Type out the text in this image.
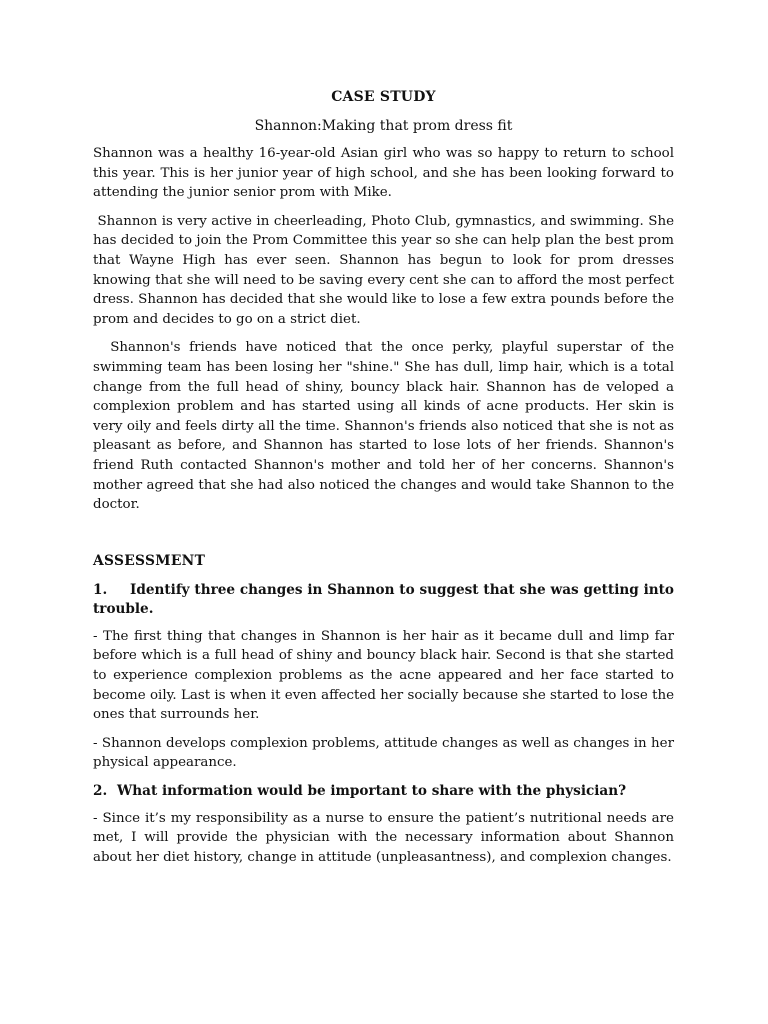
CASE STUDY
Shannon:Making that prom dress fit

Shannon was a healthy 16-year-old Asian girl who was so happy to return to school this year. This is her junior year of high school, and she has been looking forward to attending the junior senior prom with Mike.

Shannon is very active in cheerleading, Photo Club, gymnastics, and swimming. She has decided to join the Prom Committee this year so she can help plan the best prom that Wayne High has ever seen. Shannon has begun to look for prom dresses knowing that she will need to be saving every cent she can to afford the most perfect dress. Shannon has decided that she would like to lose a few extra pounds before the prom and decides to go on a strict diet.

Shannon's friends have noticed that the once perky, playful superstar of the swimming team has been losing her "shine." She has dull, limp hair, which is a total change from the full head of shiny, bouncy black hair. Shannon has de veloped a complexion problem and has started using all kinds of acne products. Her skin is very oily and feels dirty all the time. Shannon's friends also noticed that she is not as pleasant as before, and Shannon has started to lose lots of her friends. Shannon's friend Ruth contacted Shannon's mother and told her of her concerns. Shannon's mother agreed that she had also noticed the changes and would take Shannon to the doctor.

ASSESSMENT
1. Identify three changes in Shannon to suggest that she was getting into trouble.

- The first thing that changes in Shannon is her hair as it became dull and limp far before which is a full head of shiny and bouncy black hair. Second is that she started to experience complexion problems as the acne appeared and her face started to become oily. Last is when it even affected her socially because she started to lose the ones that surrounds her.

- Shannon develops complexion problems, attitude changes as well as changes in her physical appearance.

2. What information would be important to share with the physician?

- Since it’s my responsibility as a nurse to ensure the patient’s nutritional needs are met, I will provide the physician with the necessary information about Shannon about her diet history, change in attitude (unpleasantness), and complexion changes.
